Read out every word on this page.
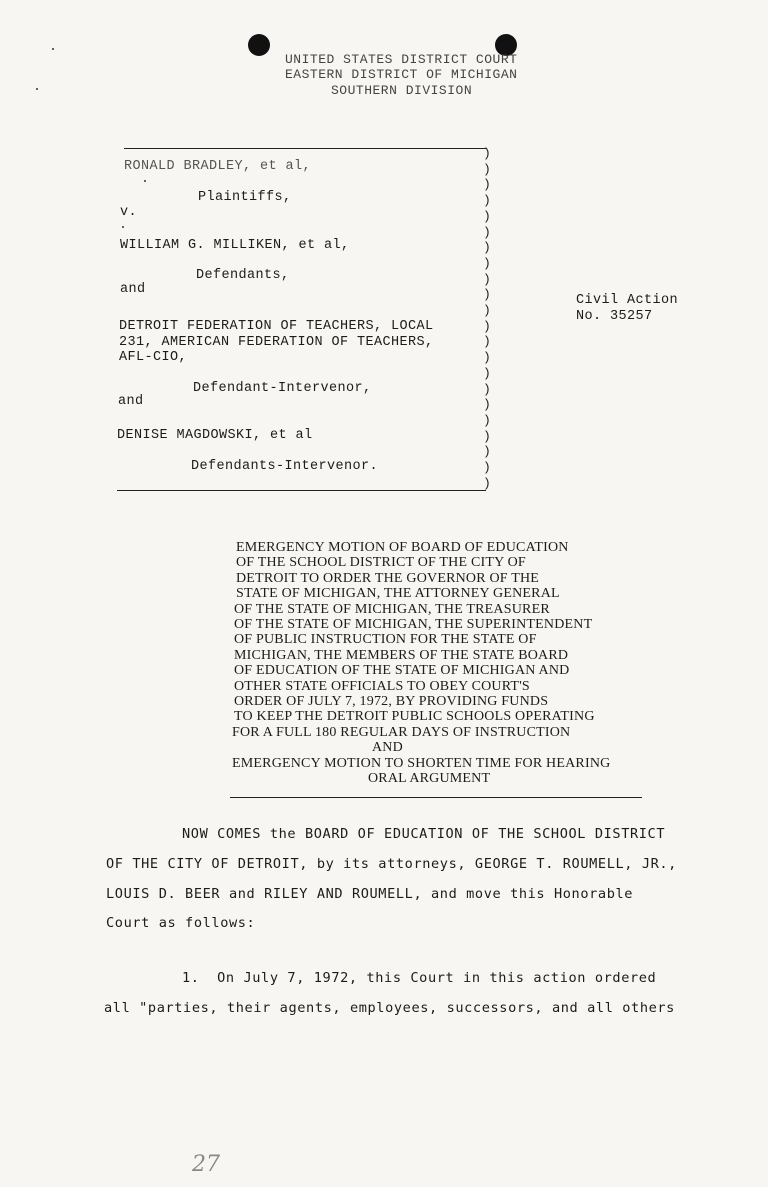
UNITED STATES DISTRICT COURT
EASTERN DISTRICT OF MICHIGAN
SOUTHERN DIVISION
)
)
)
)
)
)
)
)
)
)
)
)
)
)
)
)
)
)
)
)
)
)
RONALD BRADLEY, et al,
Plaintiffs,
v.
WILLIAM G. MILLIKEN, et al,
Defendants,
and
DETROIT FEDERATION OF TEACHERS, LOCAL
231, AMERICAN FEDERATION OF TEACHERS,
AFL-CIO,
Defendant-Intervenor,
and
DENISE MAGDOWSKI, et al
Defendants-Intervenor.
Civil Action
No. 35257
EMERGENCY MOTION OF BOARD OF EDUCATION
OF THE SCHOOL DISTRICT OF THE CITY OF
DETROIT TO ORDER THE GOVERNOR OF THE
STATE OF MICHIGAN, THE ATTORNEY GENERAL
OF THE STATE OF MICHIGAN, THE TREASURER
OF THE STATE OF MICHIGAN, THE SUPERINTENDENT
OF PUBLIC INSTRUCTION FOR THE STATE OF
MICHIGAN, THE MEMBERS OF THE STATE BOARD
OF EDUCATION OF THE STATE OF MICHIGAN AND
OTHER STATE OFFICIALS TO OBEY COURT'S
ORDER OF JULY 7, 1972, BY PROVIDING FUNDS
TO KEEP THE DETROIT PUBLIC SCHOOLS OPERATING
FOR A FULL 180 REGULAR DAYS OF INSTRUCTION
AND
EMERGENCY MOTION TO SHORTEN TIME FOR HEARING
ORAL ARGUMENT
NOW COMES the BOARD OF EDUCATION OF THE SCHOOL DISTRICT
OF THE CITY OF DETROIT, by its attorneys, GEORGE T. ROUMELL, JR.,
LOUIS D. BEER and RILEY AND ROUMELL, and move this Honorable
Court as follows:
1.  On July 7, 1972, this Court in this action ordered
all "parties, their agents, employees, successors, and all others
27
